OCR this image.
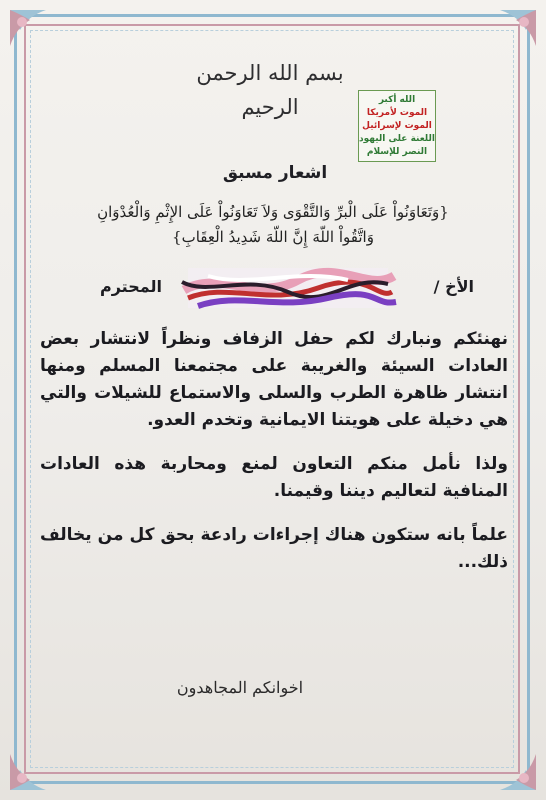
بسم الله الرحمن الرحيم	الله أكبر
الموت لأمريكا
الموت لإسرائيل
اللعنة على اليهود
النصر للإسلام
اشعار مسبق
{وَتَعَاوَنُواْ عَلَى الْبرِّ وَالتَّقْوَى وَلاَ تَعَاوَنُواْ عَلَى الإِثْمِ وَالْعُدْوَانِ
وَاتَّقُواْ اللّهَ إِنَّ اللّهَ شَدِيدُ الْعِقَابِ}
الأخ /
المحترم

نهنئكم ونبارك لكم حفل الزفاف ونظراً لانتشار بعض العادات السيئة والغريبة على مجتمعنا المسلم ومنها انتشار ظاهرة الطرب والسلى والاستماع للشيلات والتي هي دخيلة على هويتنا الايمانية وتخدم العدو.

ولذا نأمل منكم التعاون لمنع ومحاربة هذه العادات المنافية لتعاليم ديننا وقيمنا.

علماً بانه ستكون هناك إجراءات رادعة بحق كل من يخالف ذلك...

اخوانكم المجاهدون
